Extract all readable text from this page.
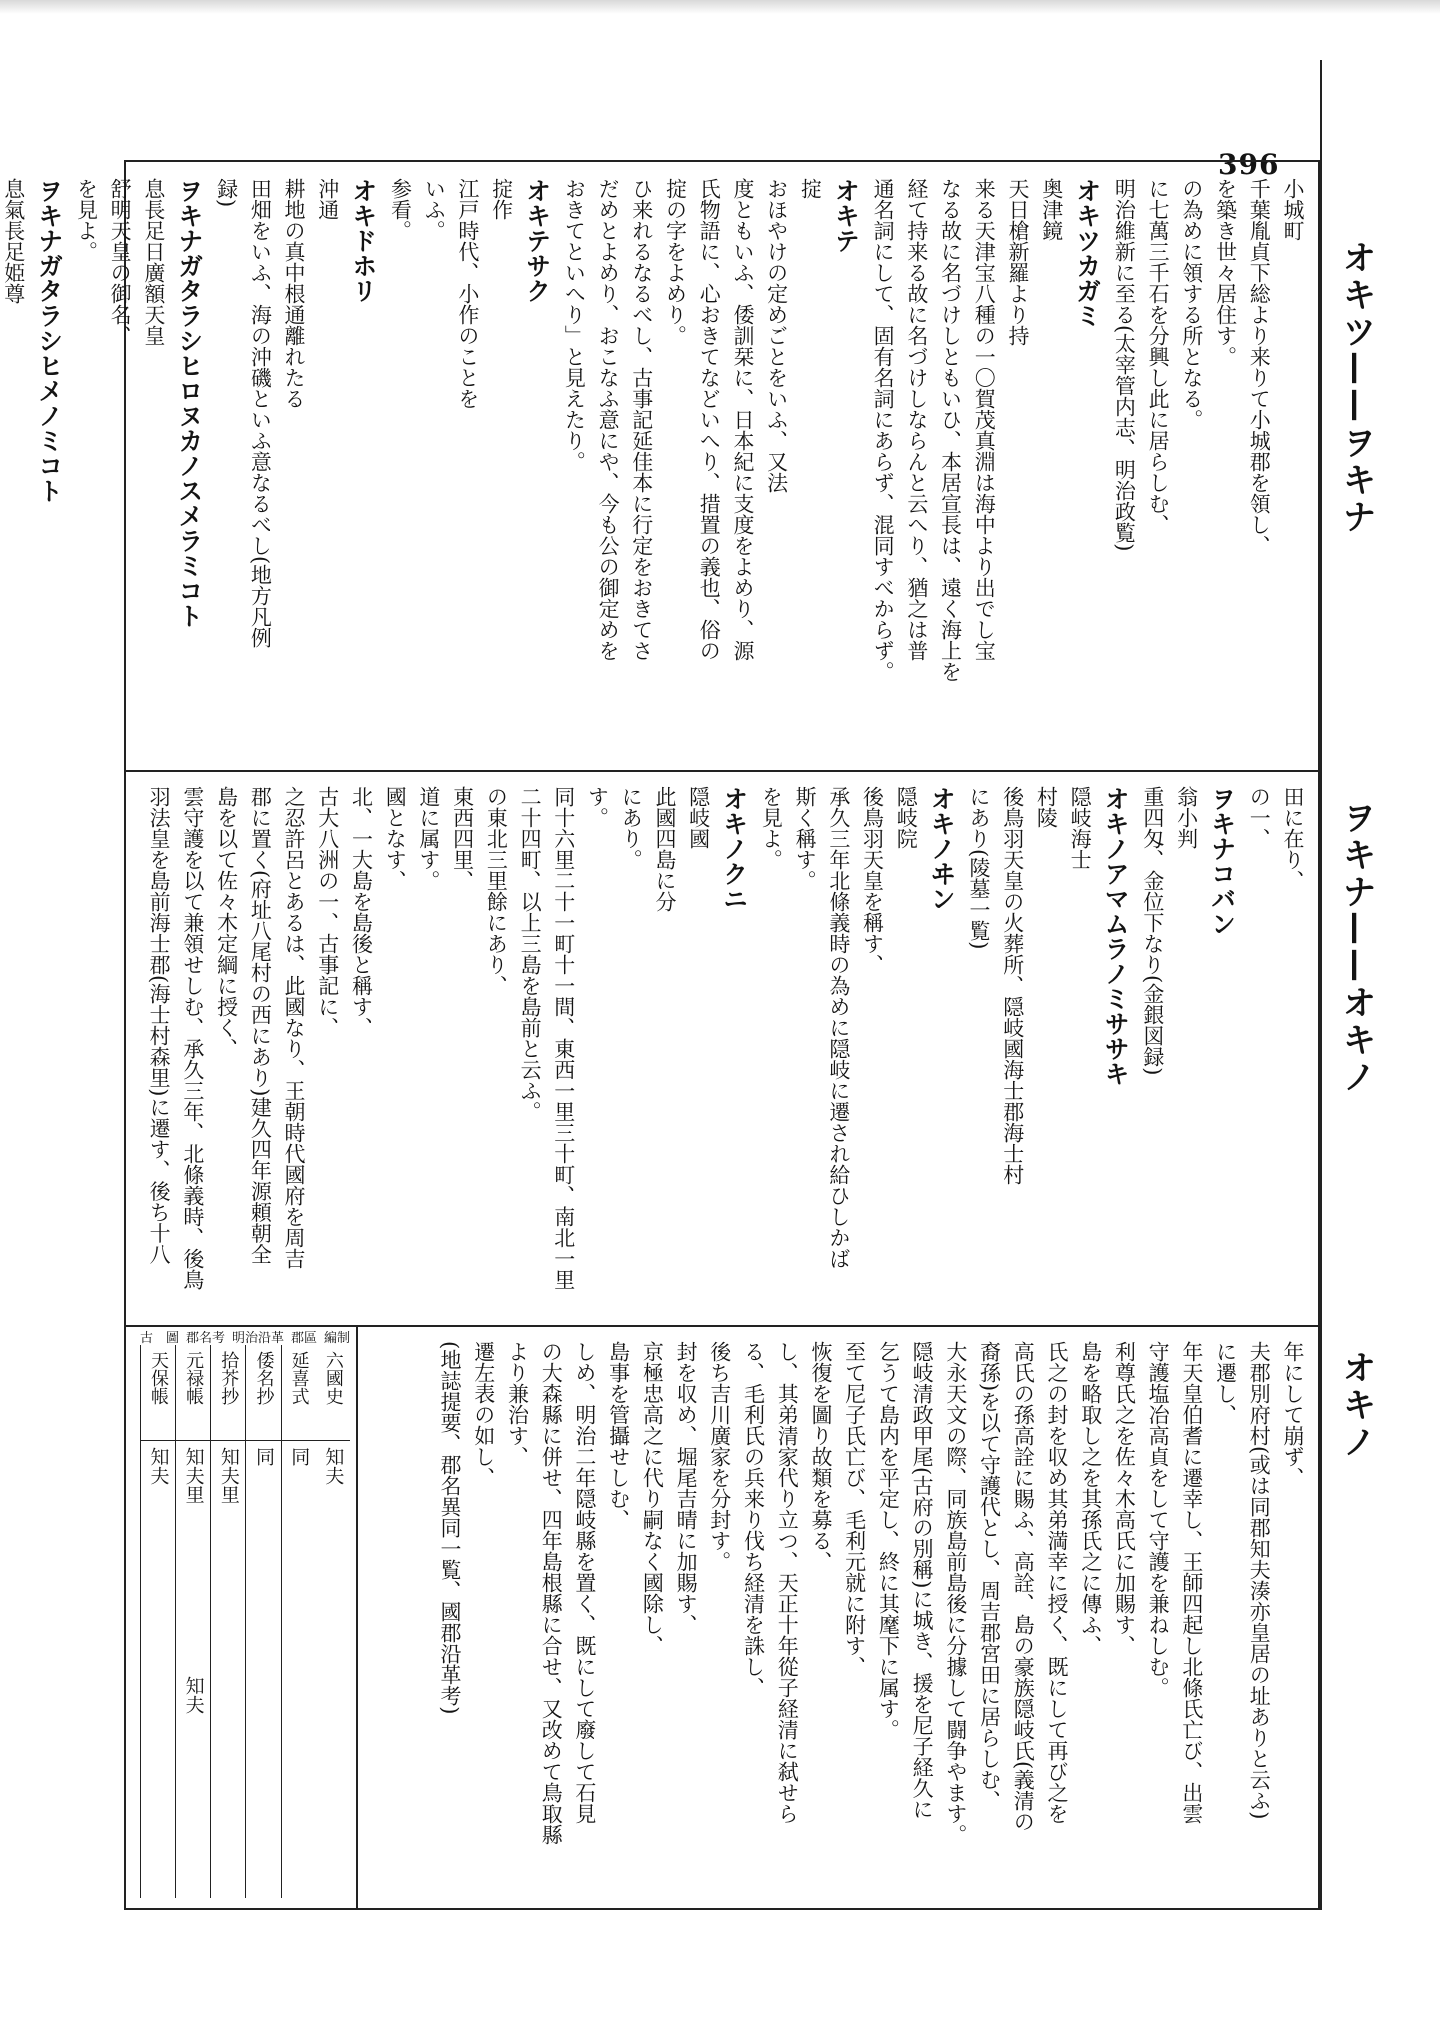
396
オキツ——ヲキナ
ヲキナ——オキノ
オキノ
小城町
千葉胤貞下総より来りて小城郡を領し、
を築き世々居住す。
の為めに領する所となる。
に七萬三千石を分興し此に居らしむ、
明治維新に至る(太宰管内志、明治政覧)
オキツカガミ
奥津鏡
天日槍新羅より持
来る天津宝八種の一〇賀茂真淵は海中より出でし宝
なる故に名づけしともいひ、本居宣長は、遠く海上を
経て持来る故に名づけしならんと云へり、猶之は普
通名詞にして、固有名詞にあらず、混同すべからず。
オキテ
掟
おほやけの定めごとをいふ、又法
度ともいふ、倭訓栞に、日本紀に支度をよめり、源
氏物語に、心おきてなどいへり、措置の義也、俗の
掟の字をよめり。
ひ来れるなるべし、古事記延佳本に行定をおきてさ
だめとよめり、おこなふ意にや、今も公の御定めを
おきてといへり」と見えたり。
オキテサク
掟作
江戸時代、小作のことを
いふ。
参看。
オキドホリ
沖通
耕地の真中根通離れたる
田畑をいふ、海の沖磯といふ意なるべし(地方凡例
録)
ヲキナガタラシヒロヌカノスメラミコト
息長足日廣額天皇
舒明天皇の御名、
を見よ。
ヲキナガタラシヒメノミコト
息氣長足姫尊
田に在り、
の一、
ヲキナコバン
翁小判
重四匁、金位下なり(金銀図録)
オキノアマムラノミササキ
隠岐海士
村陵
後鳥羽天皇の火葬所、隠岐國海士郡海士村
にあり(陵墓一覧)
オキノヰン
隠岐院
後鳥羽天皇を稱す、
承久三年北條義時の為めに隠岐に遷され給ひしかば
斯く稱す。
を見よ。
オキノクニ
隠岐國
此國四島に分
にあり。
す。
同十六里二十一町十一間、東西一里三十町、南北一里
二十四町、以上三島を島前と云ふ。
の東北三里餘にあり、
東西四里、
道に属す。
國となす、
北、一大島を島後と稱す、
古大八洲の一、古事記に、
之忍許呂とあるは、此國なり、王朝時代國府を周吉
郡に置く(府址八尾村の西にあり)建久四年源頼朝全
島を以て佐々木定綱に授く、
雲守護を以て兼領せしむ、承久三年、北條義時、後鳥
羽法皇を島前海士郡(海士村森里)に遷す、後ち十八
年にして崩ず、
夫郡別府村(或は同郡知夫湊亦皇居の址ありと云ふ)
に遷し、
年天皇伯耆に遷幸し、王師四起し北條氏亡び、出雲
守護塩冶高貞をして守護を兼ねしむ。
利尊氏之を佐々木高氏に加賜す、
島を略取し之を其孫氏之に傳ふ、
氏之の封を収め其弟満幸に授く、既にして再び之を
高氏の孫高詮に賜ふ、高詮、島の豪族隠岐氏(義清の
裔孫)を以て守護代とし、周吉郡宮田に居らしむ、
大永天文の際、同族島前島後に分據して闘争やます。
隠岐清政甲尾(古府の別稱)に城き、援を尼子経久に
乞うて島内を平定し、終に其麾下に属す。
至て尼子氏亡び、毛利元就に附す、
恢復を圖り故類を募る、
し、其弟清家代り立つ、天正十年從子経清に弑せら
る、毛利氏の兵来り伐ち経清を誅し、
後ち吉川廣家を分封す。
封を収め、堀尾吉晴に加賜す、
京極忠高之に代り嗣なく國除し、
島事を管攝せしむ、
しめ、明治二年隠岐縣を置く、既にして廢して石見
の大森縣に併せ、四年島根縣に合せ、又改めて鳥取縣
より兼治す、
遷左表の如し、
(地誌提要、郡名異同一覧、國郡沿革考)
六國史
知夫
延喜式
同
倭名抄
同
拾芥抄
知夫里
元禄帳
知夫里
知夫
天保帳
知夫
古　圖 郡名考 明治沿革 郡區 編制
